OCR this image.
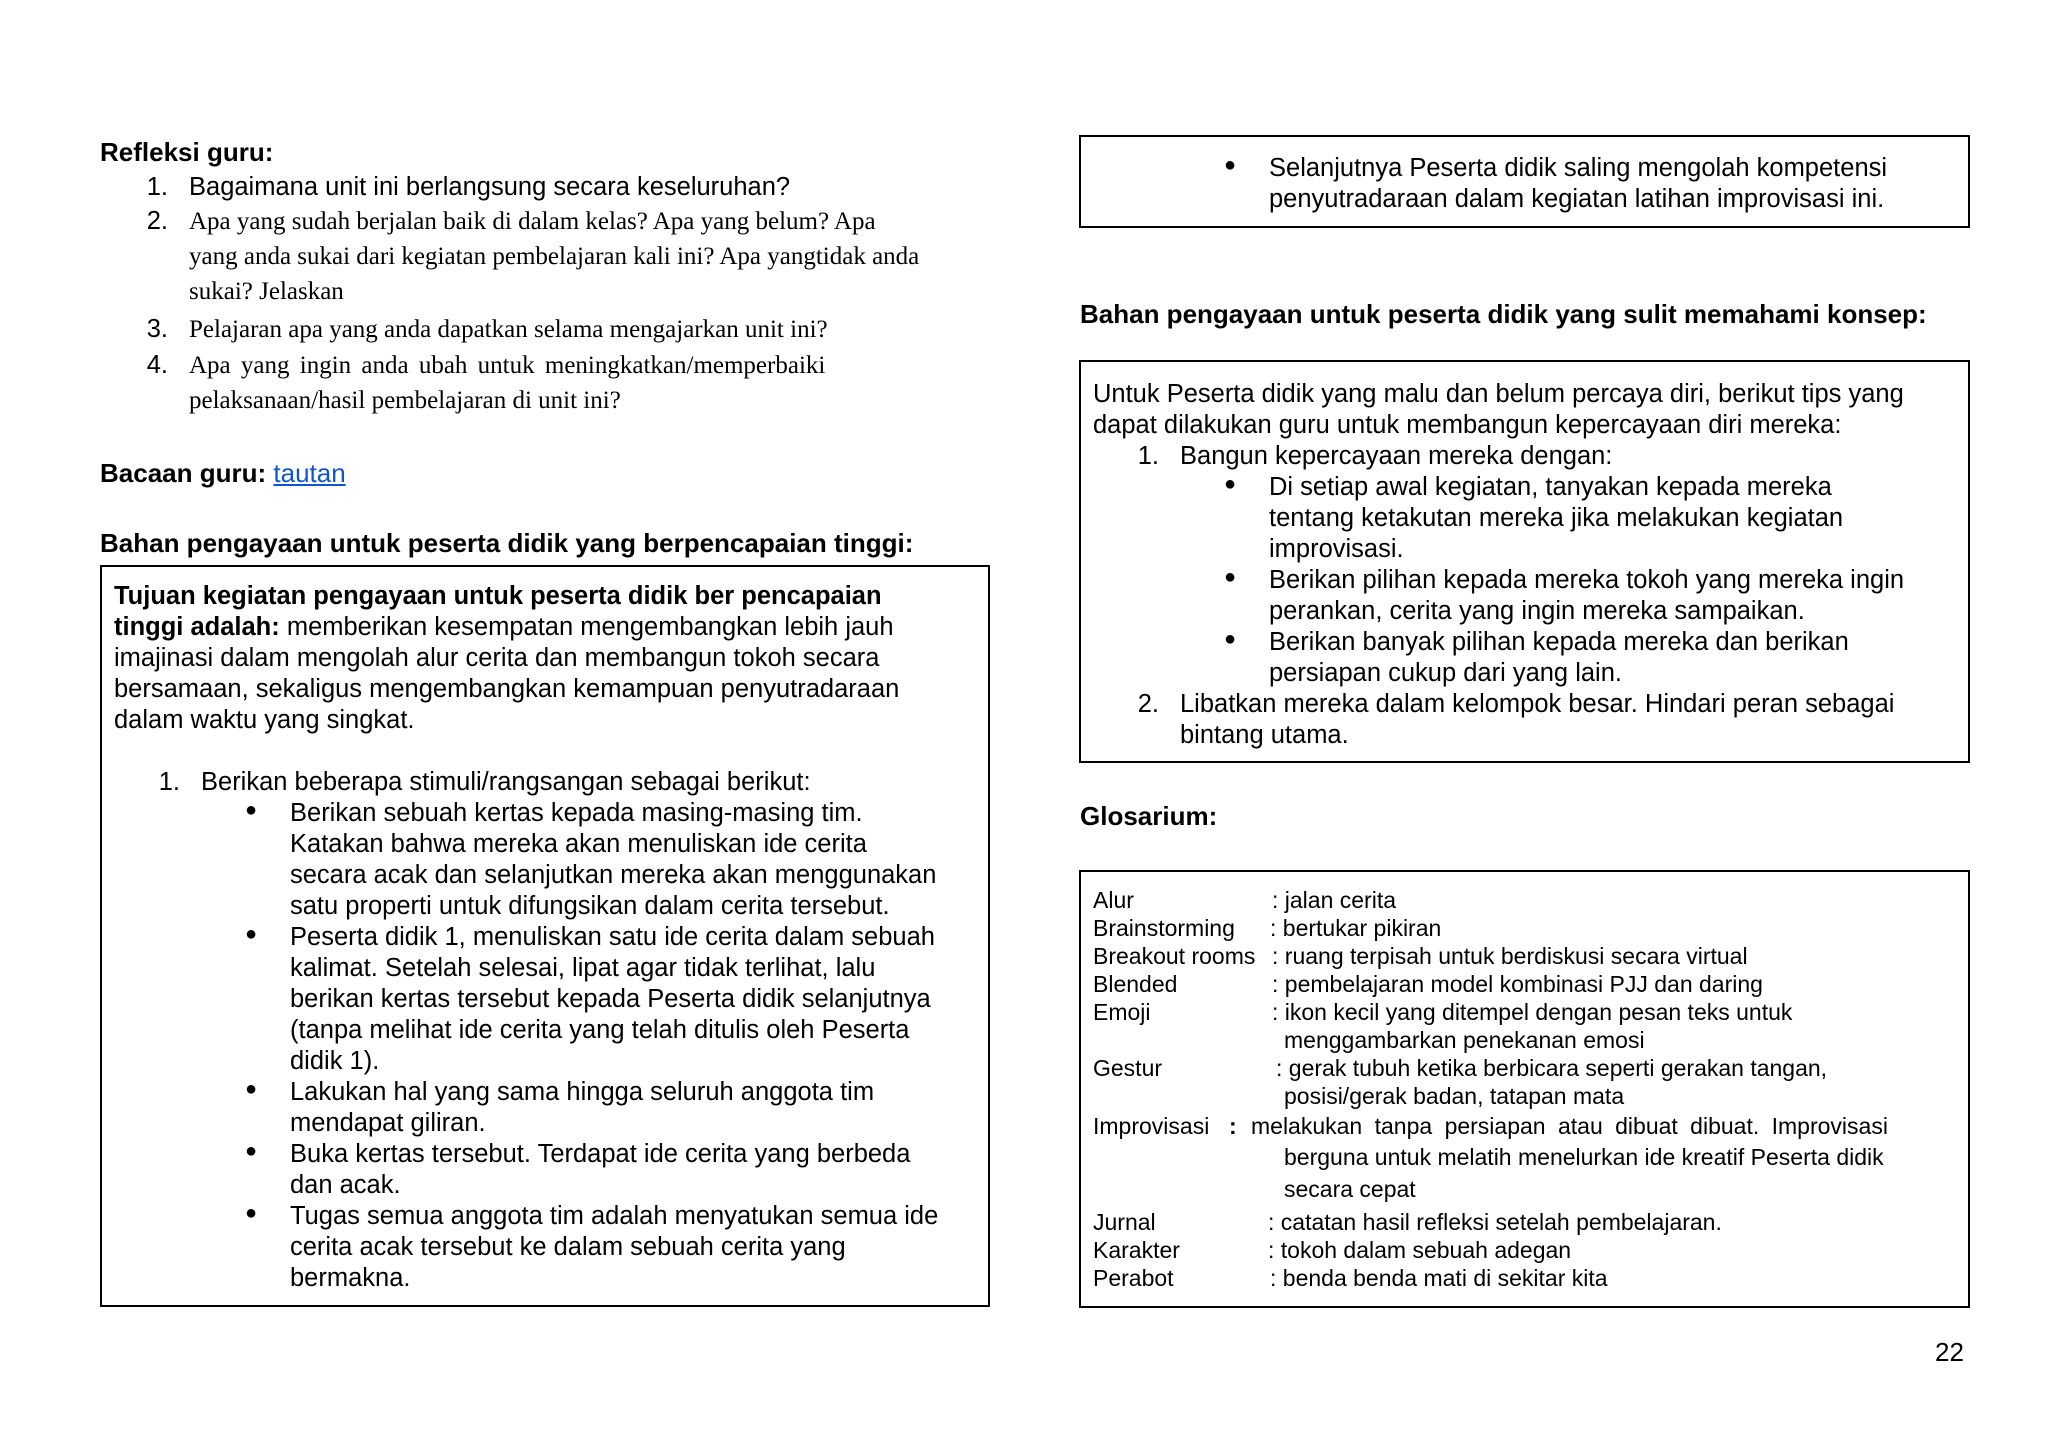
Refleksi guru:
1. Bagaimana unit ini berlangsung secara keseluruhan?
2. Apa yang sudah berjalan baik di dalam kelas? Apa yang belum? Apa
yang anda sukai dari kegiatan pembelajaran kali ini? Apa yangtidak anda
sukai? Jelaskan
3. Pelajaran apa yang anda dapatkan selama mengajarkan unit ini?
4. Apa yang ingin anda ubah untuk meningkatkan/memperbaiki
pelaksanaan/hasil pembelajaran di unit ini?
Bacaan guru: tautan
Bahan pengayaan untuk peserta didik yang berpencapaian tinggi:
Tujuan kegiatan pengayaan untuk peserta didik ber pencapaian
tinggi adalah: memberikan kesempatan mengembangkan lebih jauh
imajinasi dalam mengolah alur cerita dan membangun tokoh secara
bersamaan, sekaligus mengembangkan kemampuan penyutradaraan
dalam waktu yang singkat.
1. Berikan beberapa stimuli/rangsangan sebagai berikut:
● Berikan sebuah kertas kepada masing-masing tim.
Katakan bahwa mereka akan menuliskan ide cerita
secara acak dan selanjutkan mereka akan menggunakan
satu properti untuk difungsikan dalam cerita tersebut.
● Peserta didik 1, menuliskan satu ide cerita dalam sebuah
kalimat. Setelah selesai, lipat agar tidak terlihat, lalu
berikan kertas tersebut kepada Peserta didik selanjutnya
(tanpa melihat ide cerita yang telah ditulis oleh Peserta
didik 1).
● Lakukan hal yang sama hingga seluruh anggota tim
mendapat giliran.
● Buka kertas tersebut. Terdapat ide cerita yang berbeda
dan acak.
● Tugas semua anggota tim adalah menyatukan semua ide
cerita acak tersebut ke dalam sebuah cerita yang
bermakna.
● Selanjutnya Peserta didik saling mengolah kompetensi
penyutradaraan dalam kegiatan latihan improvisasi ini.
Bahan pengayaan untuk peserta didik yang sulit memahami konsep:
Untuk Peserta didik yang malu dan belum percaya diri, berikut tips yang
dapat dilakukan guru untuk membangun kepercayaan diri mereka:
1. Bangun kepercayaan mereka dengan:
● Di setiap awal kegiatan, tanyakan kepada mereka
tentang ketakutan mereka jika melakukan kegiatan
improvisasi.
● Berikan pilihan kepada mereka tokoh yang mereka ingin
perankan, cerita yang ingin mereka sampaikan.
● Berikan banyak pilihan kepada mereka dan berikan
persiapan cukup dari yang lain.
2. Libatkan mereka dalam kelompok besar. Hindari peran sebagai
bintang utama.
Glosarium:
Alur	: jalan cerita
Brainstorming : bertukar pikiran
Breakout rooms : ruang terpisah untuk berdiskusi secara virtual
Blended	: pembelajaran model kombinasi PJJ dan daring
Emoji	: ikon kecil yang ditempel dengan pesan teks untuk
menggambarkan penekanan emosi
Gestur	: gerak tubuh ketika berbicara seperti gerakan tangan,
posisi/gerak badan, tatapan mata
Improvisasi : melakukan tanpa persiapan atau dibuat dibuat. Improvisasi
berguna untuk melatih menelurkan ide kreatif Peserta didik
secara cepat
Jurnal	: catatan hasil refleksi setelah pembelajaran.
Karakter	: tokoh dalam sebuah adegan
Perabot	: benda benda mati di sekitar kita
22
